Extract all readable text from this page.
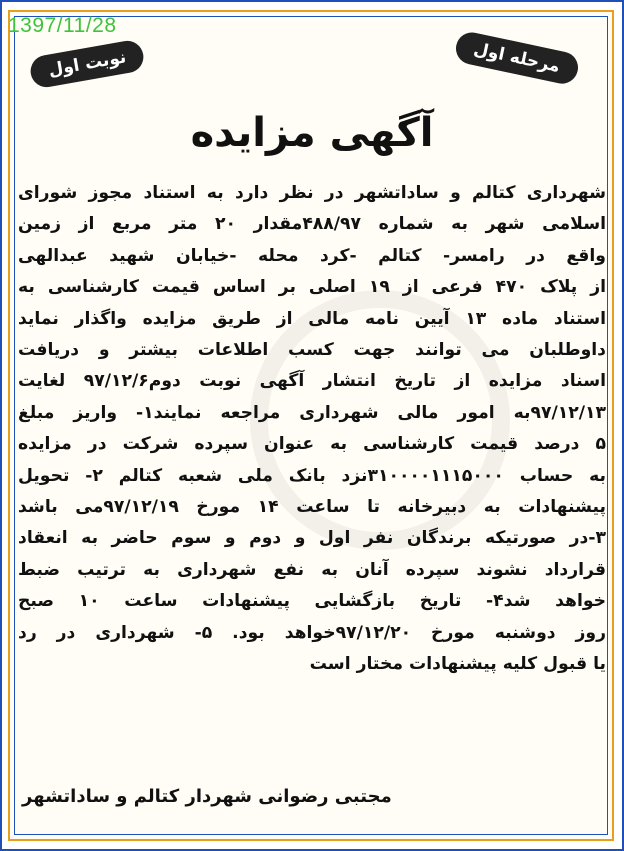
1397/11/28
نوبت اول	مرحله اول
آگهی مزایده
شهرداری کتالم و ساداتشهر در نظر دارد به استناد مجوز شورای
اسلامی شهر به شماره ۴۸۸/۹۷مقدار ۲۰ متر مربع از زمین
واقع در رامسر- کتالم -کرد محله -خیابان شهید عبدالهی
از پلاک ۴۷۰ فرعی از ۱۹ اصلی بر اساس قیمت کارشناسی به
استناد ماده ۱۳ آیین نامه مالی از طریق مزایده واگذار نماید
داوطلبان می توانند جهت کسب اطلاعات بیشتر و دریافت
اسناد مزایده از تاریخ انتشار آگهی نوبت دوم۹۷/۱۲/۶ لغایت
۹۷/۱۲/۱۳به امور مالی شهرداری مراجعه نمایند۱- واریز مبلغ
۵ درصد قیمت کارشناسی به عنوان سپرده شرکت در مزایده
به حساب ۳۱۰۰۰۰۱۱۱۵۰۰۰نزد بانک ملی شعبه کتالم ۲- تحویل
پیشنهادات به دبیرخانه تا ساعت ۱۴ مورخ ۹۷/۱۲/۱۹می باشد
۳-در صورتیکه برندگان نفر اول و دوم و سوم حاضر به انعقاد
قرارداد نشوند سپرده آنان به نفع شهرداری به ترتیب ضبط
خواهد شد۴- تاریخ بازگشایی پیشنهادات ساعت ۱۰ صبح
روز دوشنبه مورخ ۹۷/۱۲/۲۰خواهد بود. ۵- شهرداری در رد
یا قبول کلیه پیشنهادات مختار است
مجتبی رضوانی شهردار کتالم و ساداتشهر
